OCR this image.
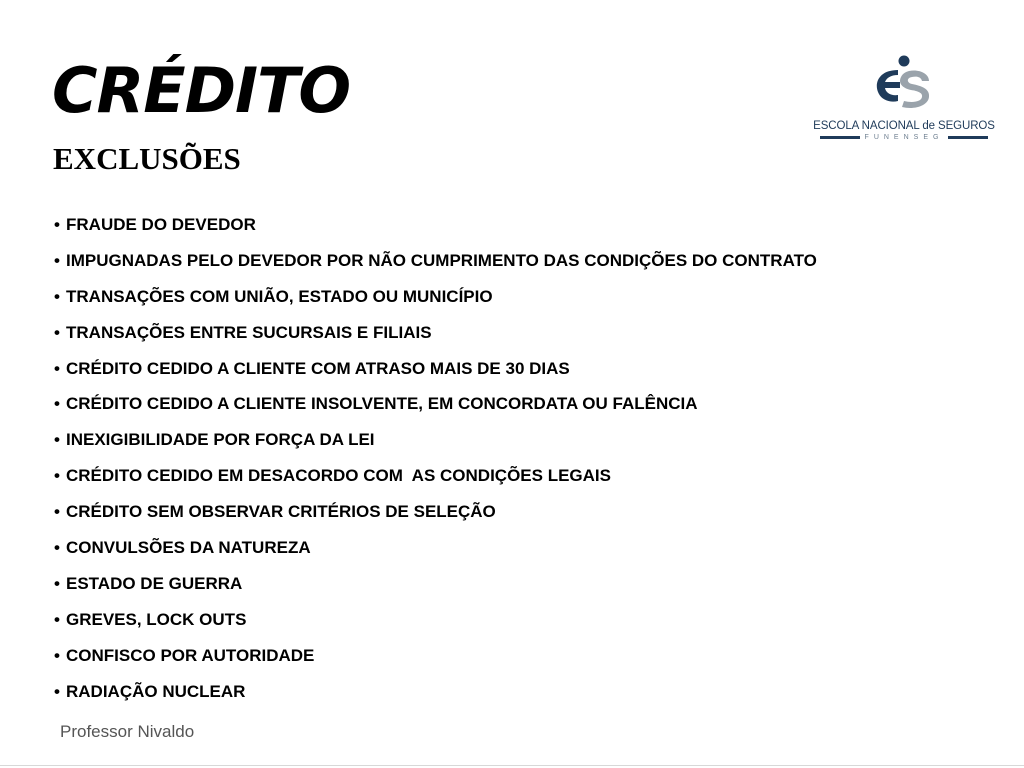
CRÉDITO
EXCLUSÕES
ESCOLA NACIONAL de SEGUROS
FUNENSEG
• FRAUDE DO DEVEDOR
• IMPUGNADAS PELO DEVEDOR POR NÃO CUMPRIMENTO DAS CONDIÇÕES DO CONTRATO
• TRANSAÇÕES COM UNIÃO, ESTADO OU MUNICÍPIO
• TRANSAÇÕES ENTRE SUCURSAIS E FILIAIS
• CRÉDITO CEDIDO A CLIENTE COM ATRASO MAIS DE 30 DIAS
• CRÉDITO CEDIDO A CLIENTE INSOLVENTE, EM CONCORDATA OU FALÊNCIA
• INEXIGIBILIDADE POR FORÇA DA LEI
• CRÉDITO CEDIDO EM DESACORDO COM  AS CONDIÇÕES LEGAIS
• CRÉDITO SEM OBSERVAR CRITÉRIOS DE SELEÇÃO
• CONVULSÕES DA NATUREZA
• ESTADO DE GUERRA
• GREVES, LOCK OUTS
• CONFISCO POR AUTORIDADE
• RADIAÇÃO NUCLEAR
Professor Nivaldo
